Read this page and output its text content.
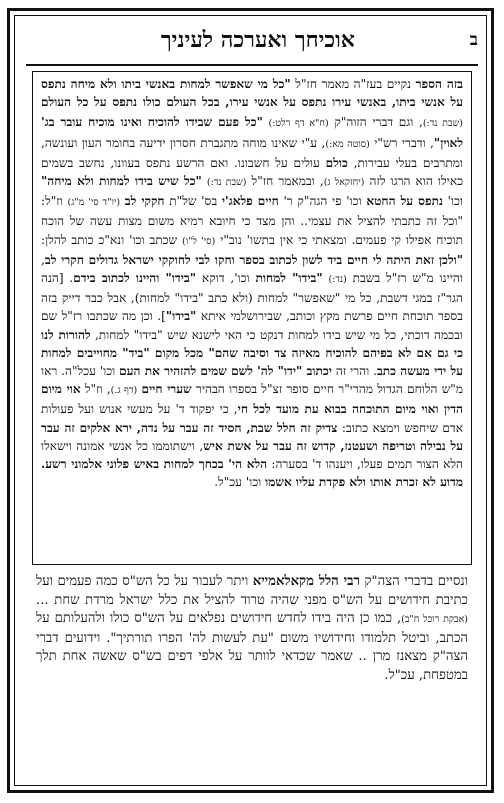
ב
אוכיחך ואערכה לעיניך

בזה הספר נקיים בעז"ה מאמר חז"ל "כל מי שאפשר למחות באנשי ביתו ולא מיחה נתפס על אנשי ביתו, באנשי עירו נתפס על אנשי עירו, בכל העולם כולו נתפס על כל העולם (שבת נד:), וגם דברי הזוה"ק (ח"א דף רלט:) "כל פעם שבידו להוכיח ואינו מוכיח עובר בג' לאוין", ודברי רש"י (סוטה מא:), ע"י שאינו מוחה מתגברת חסרון ידיעה בחומר העון ועונשה, ומתרבים בעלי עבירות, כולם עולים על חשבונו. ואם הרשע נתפס בעוונו, נחשב בשמים כאילו הוא הרגו לזה (יחזקאל ג), ובמאמר חז"ל (שבת נד:) "כל שיש בידו למחות ולא מיחה" וכו' נתפס על החטא וכו' פי הגה"ק ר' חיים פלאג'י בס' של"ת חקקי לב (יו"ד סי' מ"ג) וז"ל: "וכל זה כתבתי להציל את עצמי.. והן מצד כי חיובא רמיא משום מצות עשה של הוכח תוכיח אפילו קי פעמים. ומצאתי כי אין בתשו' נוב"י (סי' ל"ו) שכתב וכו' ונא"כ כותב להלן: "ולכן זאת היתה לי חיים ביד לשון לכתוב בספר וחקו לבי לחוקקי ישראל גדולים חקרי לב, והיינו מ"ש רז"ל בשבת (נד:) "בידו" למחות וכו', דוקא "בידו" והיינו לכתוב בידם. [הנה הגר"ז במגי דשבת, כל מי "שאפשר" למחות (ולא כתב "בידו" למחות), אבל כבר דייק בזה בספר תוכחת חיים פרשת מקץ וכותב, שבירושלמי איתא "בידו"]. וכן מה שכתבו רז"ל שם ובכמה דוכתי, כל מי שיש בידו למחות דנקט כי האי לישנא שיש "בידו" למחות, להורות לנו כי גם אם לא בפיהם להוכיח מאיזה צד וסיבה שהם" מכל מקום "ביד" מחוייבים למחות על ידי מעשה כתב. והרי זה יכתוב "ידו" לה' לשם שמים להזהיר את העם וכו' עכל"ה. ראו מ"ש הלוחם הגדול מהרי"ר חיים סופר זצ"ל בספרו הבהיר שערי חיים (דף ג.), וז"ל אוי מיום הדין ואוי מיום התוכחה בבוא עת מועד לכל חי, כי יפקוד ד' על מעשי אנוש ועל פעולות אדם שיחפש וימצא כתוב: צדיק זה חלל שבת, חסיד זה עבר על נדה, ירא אלקים זה עבר על נבילה וטריפה ושעטנז, קדוש זה עבר על אשת איש, וישתוממו כל אנשי אמונה וישאלו הלא הצור תמים פעלו, ויענהו ד' בסערה: הלא הי' בכחך למחות באיש פלוני אלמוני רשע. מדוע לא זכרת אותו ולא פקדת עליו אשמו וכו' עכ"ל.

ונסיים בדברי הצה"ק רבי הלל מקאלאמייא ויתר לעבור על כל הש"ס כמה פעמים ועל כתיבת חידושים על הש"ס מפני שהיה טרוד להציל את כלל ישראל מרדת שחת ... (אבקת רוכל ח"ב), כמו כן היה בידו לחדש חידושים נפלאים על הש"ס כולו ולהעלותם על הכתב, וביטל תלמודו וחידושיו משום "עת לעשות לה' הפרו תורתיך". וידועים דברי הצה"ק מצאנז מרן .. שאמר שכדאי לוותר על אלפי דפים בש"ס שאשה אחת תלך במטפחת, עכ"ל.
